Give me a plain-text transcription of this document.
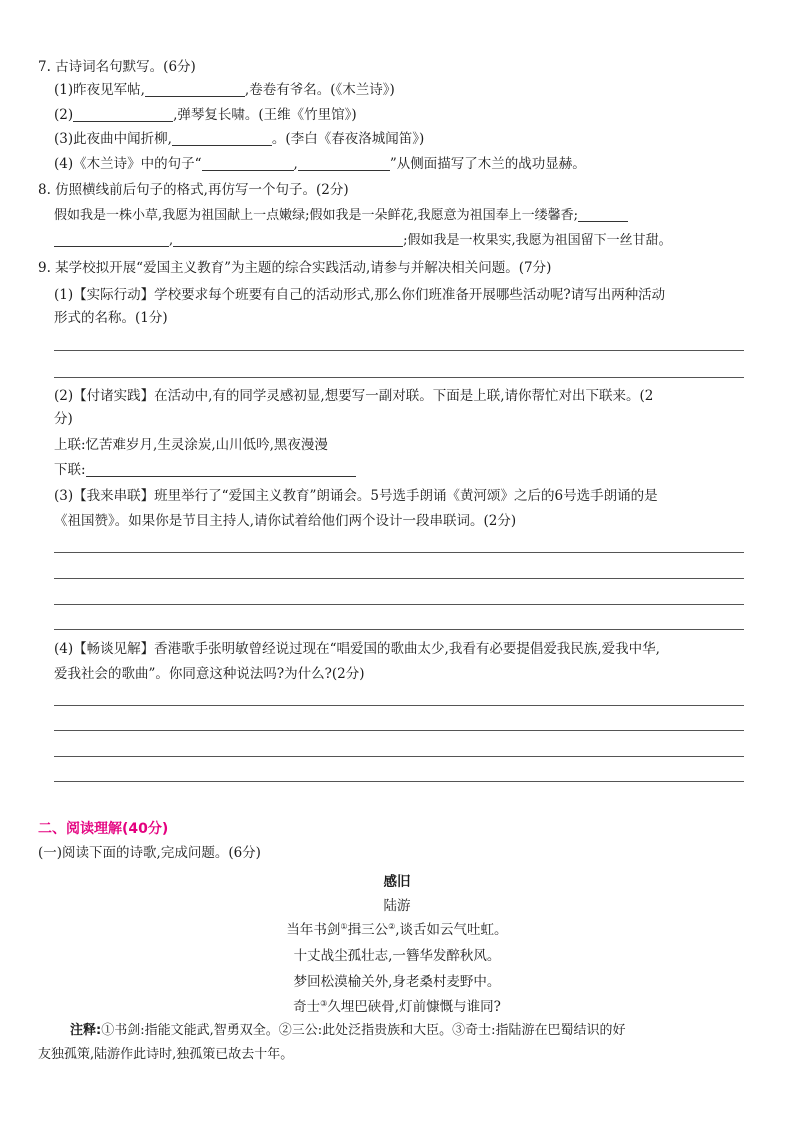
7. 古诗词名句默写。(6分)
(1)昨夜见军帖,	,卷卷有爷名。(《木兰诗》)
(2)	,弹琴复长啸。(王维《竹里馆》)
(3)此夜曲中闻折柳,	。(李白《春夜洛城闻笛》)
(4)《木兰诗》中的句子“	,	”从侧面描写了木兰的战功显赫。
8. 仿照横线前后句子的格式,再仿写一个句子。(2分)
假如我是一株小草,我愿为祖国献上一点嫩绿;假如我是一朵鲜花,我愿意为祖国奉上一缕馨香;
,	;假如我是一枚果实,我愿为祖国留下一丝甘甜。
9. 某学校拟开展“爱国主义教育”为主题的综合实践活动,请参与并解决相关问题。(7分)
(1)【实际行动】学校要求每个班要有自己的活动形式,那么你们班准备开展哪些活动呢?请写出两种活动
形式的名称。(1分)
(2)【付诸实践】在活动中,有的同学灵感初显,想要写一副对联。下面是上联,请你帮忙对出下联来。(2
分)
上联:忆苦难岁月,生灵涂炭,山川低吟,黑夜漫漫
下联:
(3)【我来串联】班里举行了“爱国主义教育”朗诵会。5号选手朗诵《黄河颂》之后的6号选手朗诵的是
《祖国赞》。如果你是节目主持人,请你试着给他们两个设计一段串联词。(2分)
(4)【畅谈见解】香港歌手张明敏曾经说过现在“唱爱国的歌曲太少,我看有必要提倡爱我民族,爱我中华,
爱我社会的歌曲”。你同意这种说法吗?为什么?(2分)
二、阅读理解(40分)
(一)阅读下面的诗歌,完成问题。(6分)
感旧
陆游
当年书剑①揖三公②,谈舌如云气吐虹。
十丈战尘孤壮志,一簪华发醉秋风。
梦回松漠榆关外,身老桑村麦野中。
奇士③久埋巴硖骨,灯前慷慨与谁同?
注释:①书剑:指能文能武,智勇双全。②三公:此处泛指贵族和大臣。③奇士:指陆游在巴蜀结识的好
友独孤策,陆游作此诗时,独孤策已故去十年。
